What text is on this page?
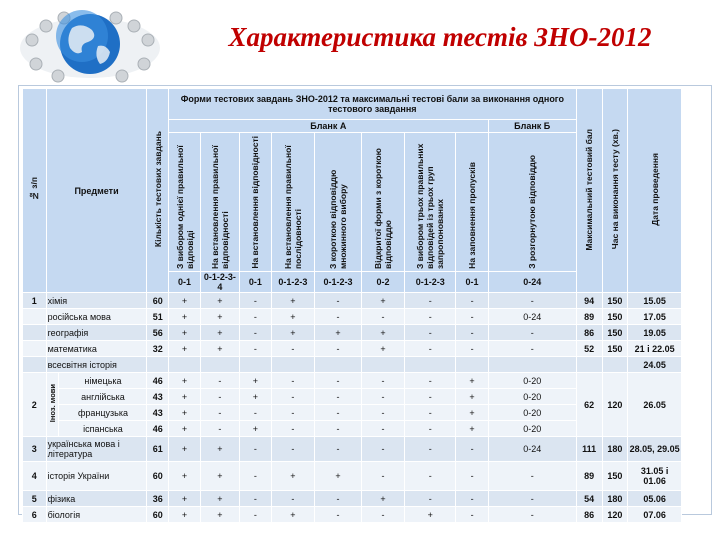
Характеристика тестів ЗНО-2012
№ з/п	Предмети		Кількість тестових завдань	Форми тестових завдань ЗНО-2012 та максимальні тестові бали за виконання одного тестового завдання									Максимальний тестовий бал	Час на виконання тесту (хв.)	Дата проведення
				Бланк А								Бланк Б			
				З вибором однієї правильної відповіді	На встановлення правильної відповідності	На встановлення відповідності	На встановлення правильної послідовності	З короткою відповіддю множинного вибору	Відкритої форми з короткою відповіддю	З вибором трьох правильних відповідей із трьох груп запропонованих	На заповнення пропусків	З розгорнутою відповіддю			
				0-1	0-1-2-3-4	0-1	0-1-2-3	0-1-2-3	0-2	0-1-2-3	0-1	0-24			
1	хімія		60	+	+	-	+	-	+	-	-	-	94	150	15.05
	російська мова		51	+	+	-	+	-	-	-	-	0-24	89	150	17.05
	географія		56	+	+	-	+	+	+	-	-	-	86	150	19.05
	математика		32	+	+	-	-	-	+	-	-	-	52	150	21 і 22.05
	всесвітня історія														24.05
2	Іноз. мови	німецька	46	+	-	+	-	-	-	-	+	0-20	62	120	26.05
		англійська	43	+	-	+	-	-	-	-	+	0-20			
		французька	43	+	-	-	-	-	-	-	+	0-20			
		іспанська	46	+	-	+	-	-	-	-	+	0-20			
3	українська мова і література		61	+	+	-	-	-	-	-	-	0-24	111	180	28.05, 29.05
4	історія України		60	+	+	-	+	+	-	-	-	-	89	150	31.05 і 01.06
5	фізика		36	+	+	-	-	-	+	-	-	-	54	180	05.06
6	біологія		60	+	+	-	+	-	-	+	-	-	86	120	07.06
